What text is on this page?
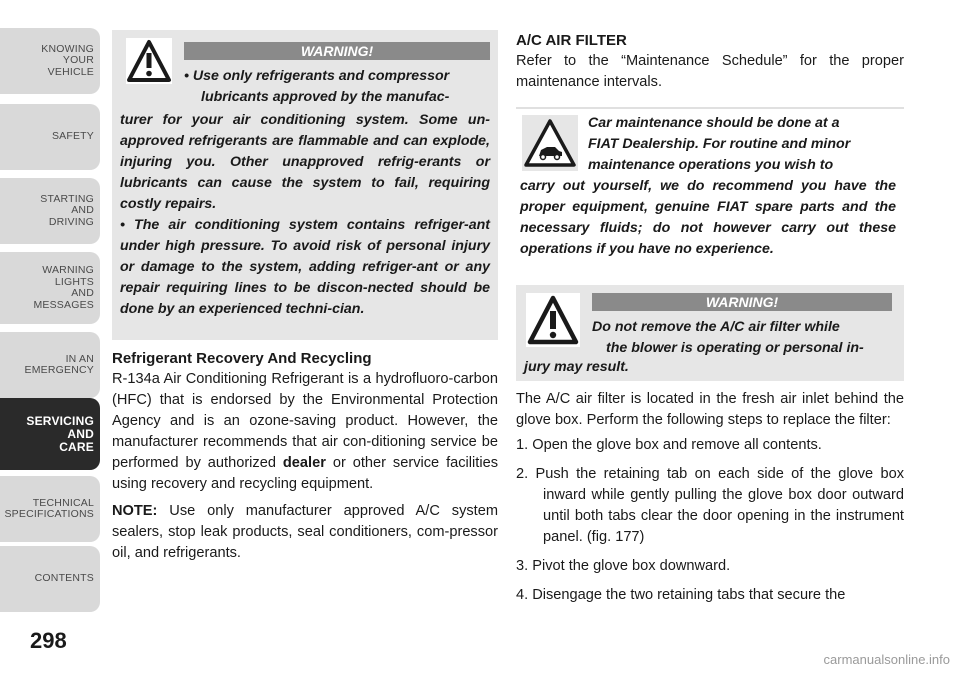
KNOWING
YOUR
VEHICLE
SAFETY
STARTING
AND
DRIVING
WARNING
LIGHTS
AND
MESSAGES
IN AN
EMERGENCY
SERVICING
AND
CARE
TECHNICAL
SPECIFICATIONS
CONTENTS
298
WARNING!
• Use only refrigerants and compressor
lubricants approved by the manufac-
turer for your air conditioning system. Some un-approved refrigerants are flammable and can explode, injuring you. Other unapproved refrig-erants or lubricants can cause the system to fail, requiring costly repairs.
• The air conditioning system contains refriger-ant under high pressure. To avoid risk of personal injury or damage to the system, adding refriger-ant or any repair requiring lines to be discon-nected should be done by an experienced techni-cian.

Refrigerant Recovery And Recycling

R-134a Air Conditioning Refrigerant is a hydrofluoro-carbon (HFC) that is endorsed by the Environmental Protection Agency and is an ozone-saving product. However, the manufacturer recommends that air con-ditioning service be performed by authorized dealer or other service facilities using recovery and recycling equipment.

NOTE: Use only manufacturer approved A/C system sealers, stop leak products, seal conditioners, com-pressor oil, and refrigerants.

A/C AIR FILTER

Refer to the “Maintenance Schedule” for the proper maintenance intervals.

Car maintenance should be done at a
FIAT Dealership. For routine and minor
maintenance operations you wish to
carry out yourself, we do recommend you have the proper equipment, genuine FIAT spare parts and the necessary fluids; do not however carry out these operations if you have no experience.
WARNING!
Do not remove the A/C air filter while
the blower is operating or personal in-
jury may result.

The A/C air filter is located in the fresh air inlet behind the glove box. Perform the following steps to replace the filter:

1. Open the glove box and remove all contents.
2. Push the retaining tab on each side of the glove box inward while gently pulling the glove box door outward until both tabs clear the door opening in the instrument panel. (fig. 177)
3. Pivot the glove box downward.
4. Disengage the two retaining tabs that secure the
carmanualsonline.info
